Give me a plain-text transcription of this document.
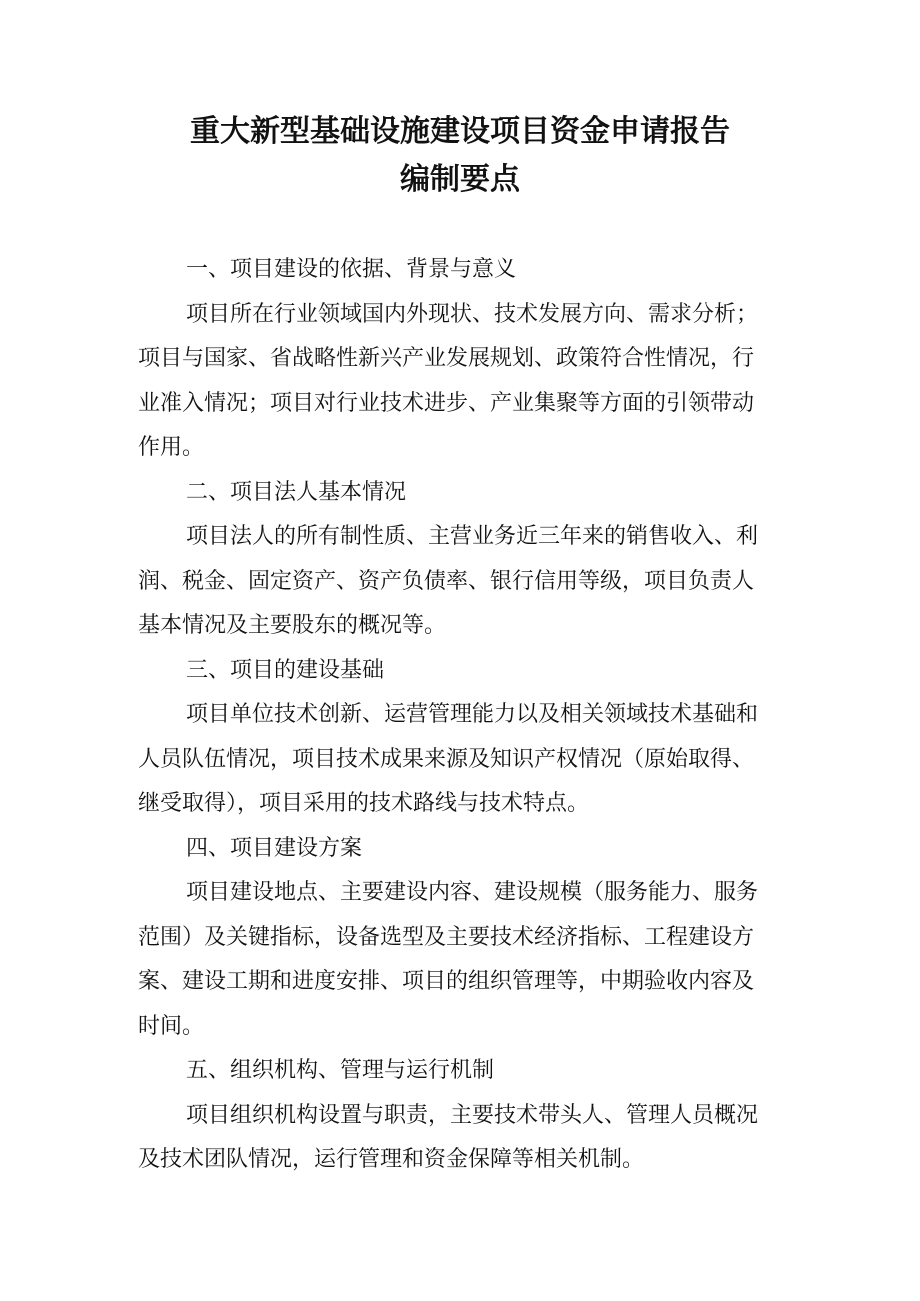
重大新型基础设施建设项目资金申请报告
编制要点

一、项目建设的依据、背景与意义

项目所在行业领域国内外现状、技术发展方向、需求分析；
项目与国家、省战略性新兴产业发展规划、政策符合性情况，行
业准入情况；项目对行业技术进步、产业集聚等方面的引领带动
作用。

二、项目法人基本情况

项目法人的所有制性质、主营业务近三年来的销售收入、利
润、税金、固定资产、资产负债率、银行信用等级，项目负责人
基本情况及主要股东的概况等。

三、项目的建设基础

项目单位技术创新、运营管理能力以及相关领域技术基础和
人员队伍情况，项目技术成果来源及知识产权情况（原始取得、
继受取得），项目采用的技术路线与技术特点。

四、项目建设方案

项目建设地点、主要建设内容、建设规模（服务能力、服务
范围）及关键指标，设备选型及主要技术经济指标、工程建设方
案、建设工期和进度安排、项目的组织管理等，中期验收内容及
时间。

五、组织机构、管理与运行机制

项目组织机构设置与职责，主要技术带头人、管理人员概况
及技术团队情况，运行管理和资金保障等相关机制。
